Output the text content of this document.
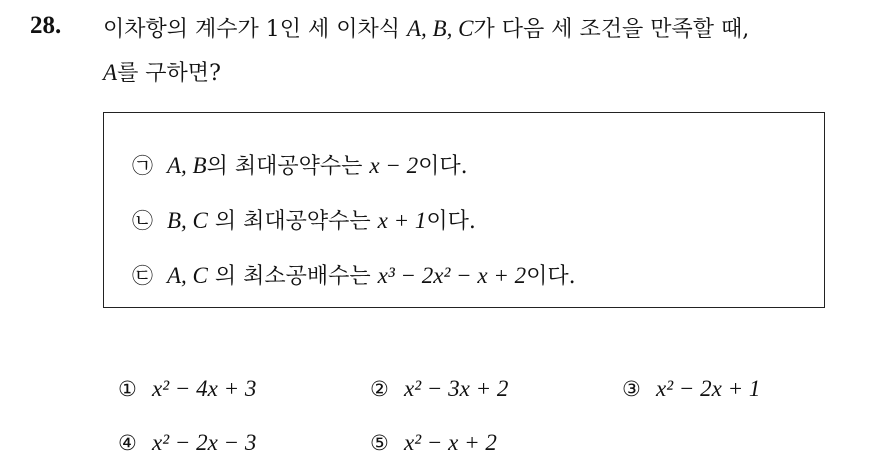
28. 이차항의 계수가 1인 세 이차식 A, B, C가 다음 세 조건을 만족할 때,
A를 구하면?
㉠ A, B의 최대공약수는 x − 2이다.
㉡ B, C 의 최대공약수는 x + 1이다.
㉢ A, C 의 최소공배수는 x³ − 2x² − x + 2이다.
① x² − 4x + 3	② x² − 3x + 2	③ x² − 2x + 1
④ x² − 2x − 3	⑤ x² − x + 2
